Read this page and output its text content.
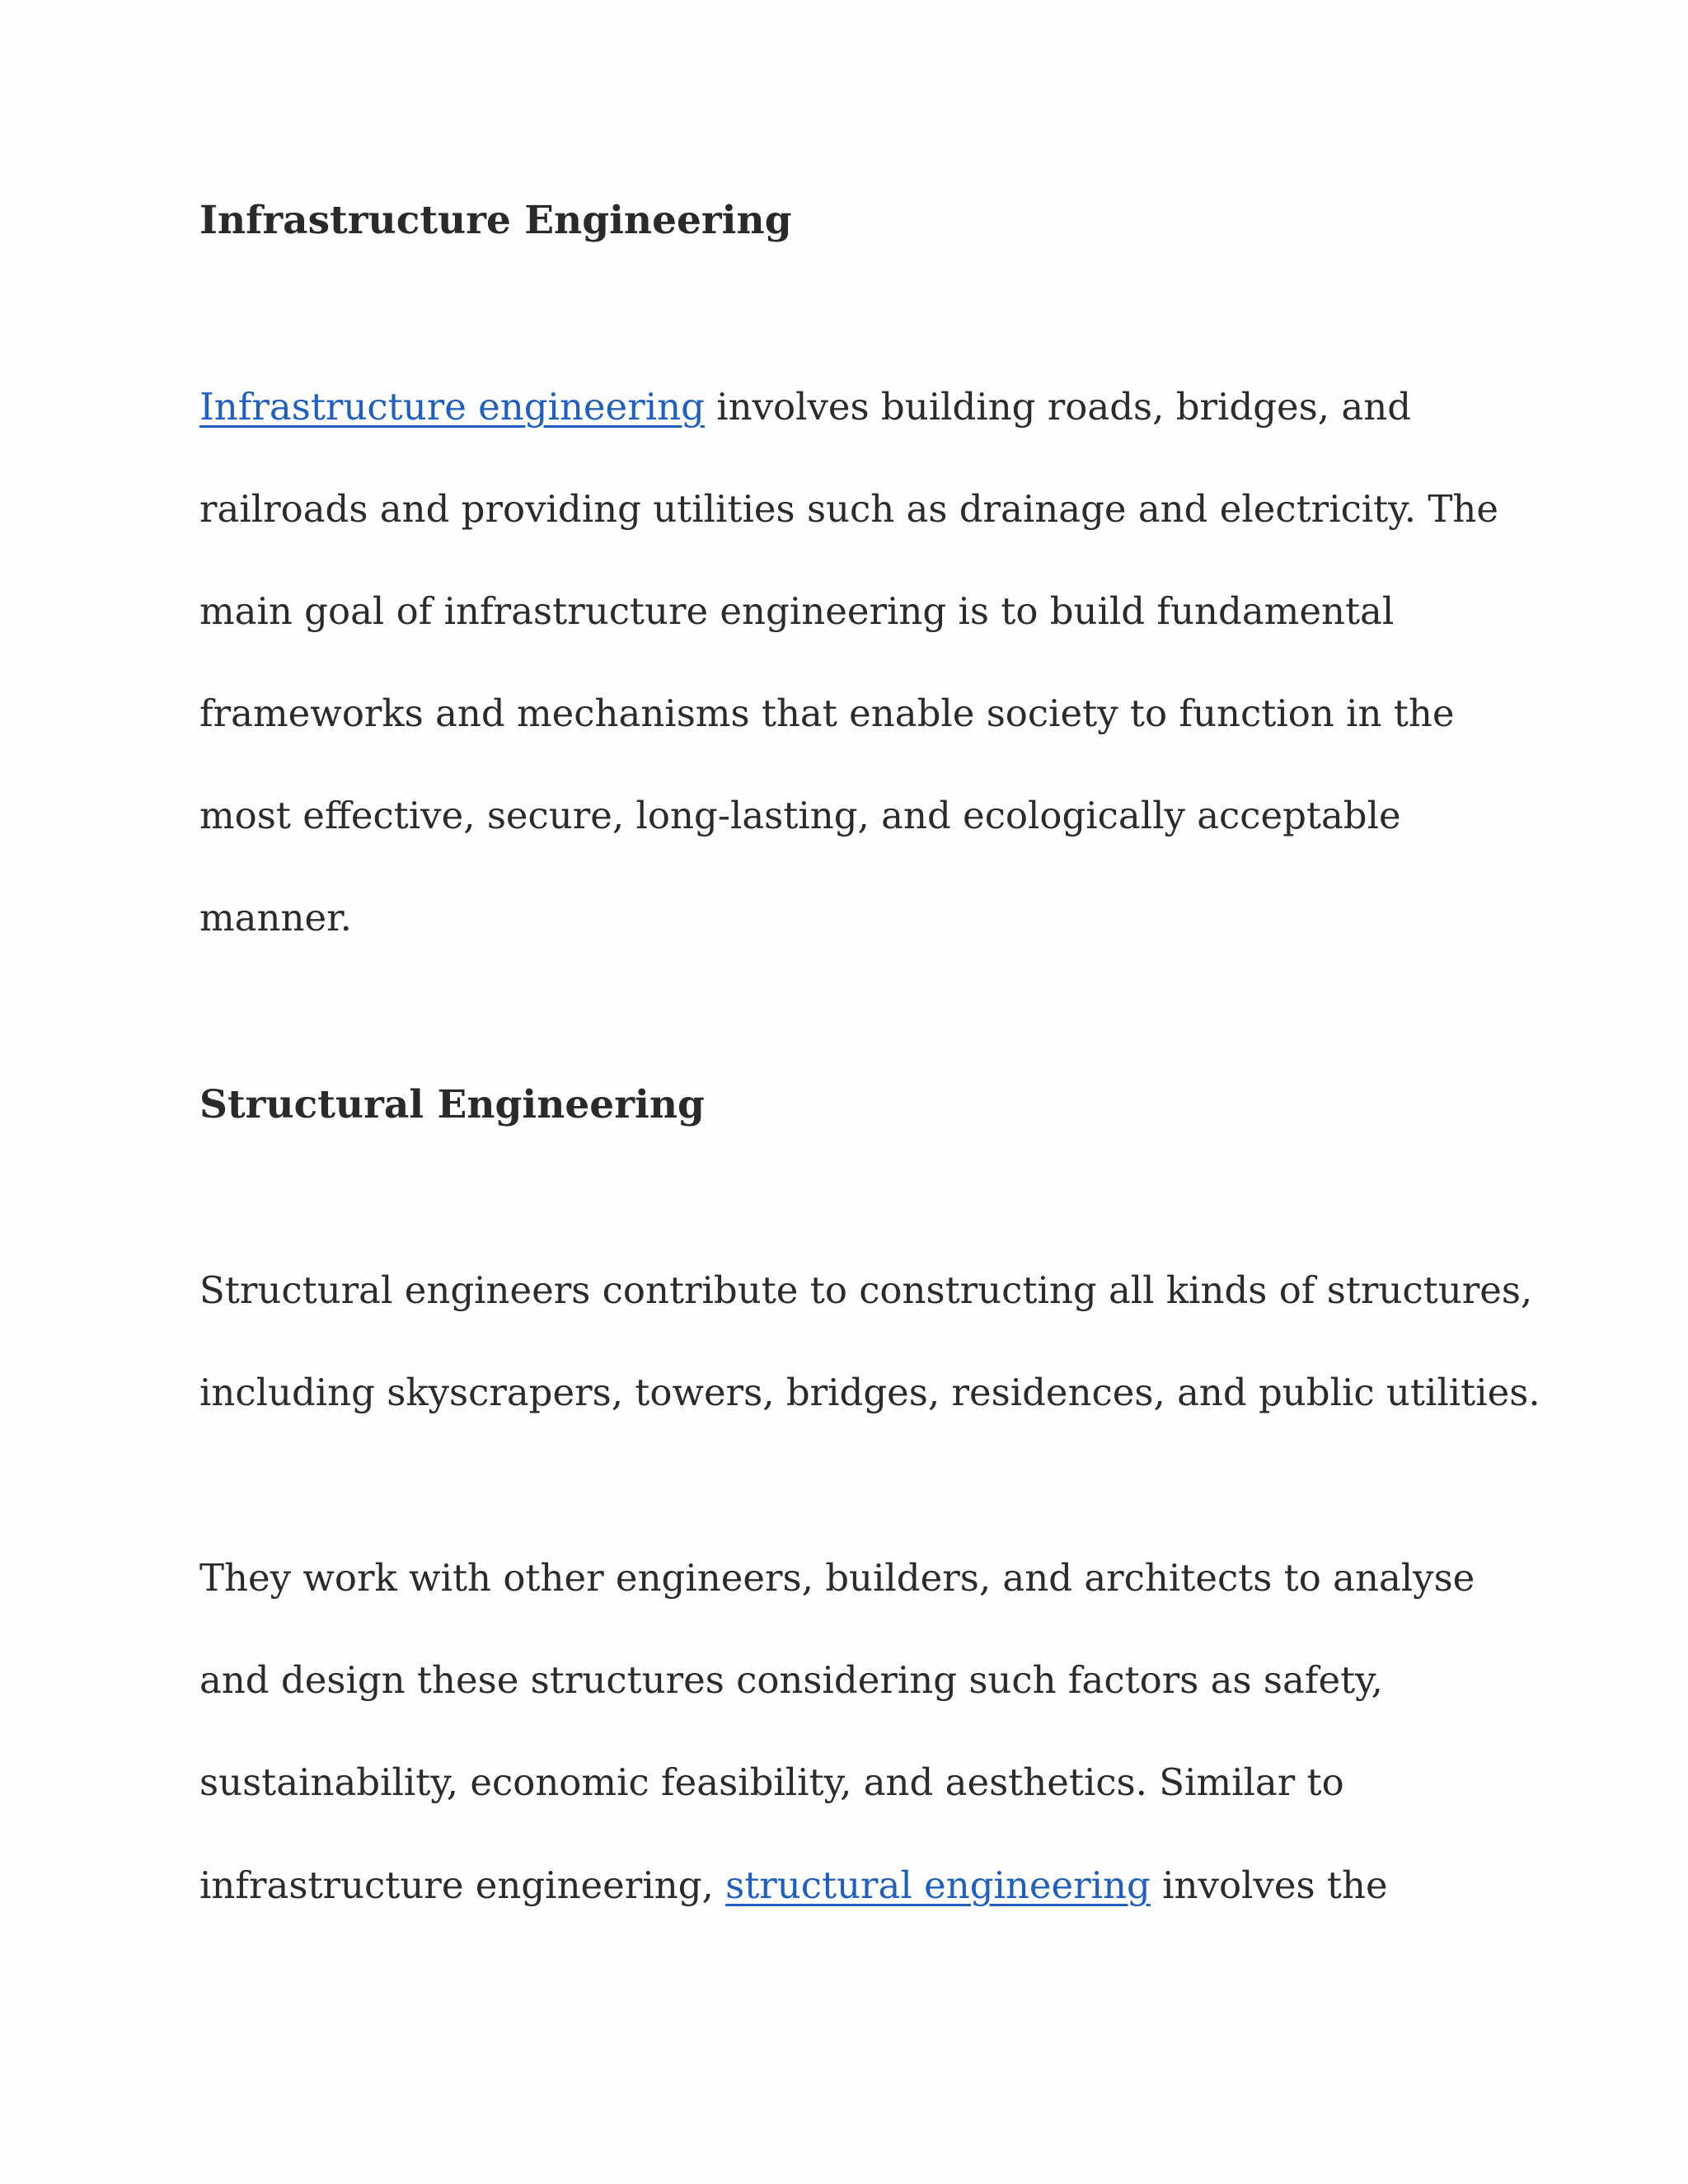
Infrastructure Engineering

Infrastructure engineering involves building roads, bridges, and

railroads and providing utilities such as drainage and electricity. The

main goal of infrastructure engineering is to build fundamental

frameworks and mechanisms that enable society to function in the

most effective, secure, long-lasting, and ecologically acceptable

manner.

Structural Engineering

Structural engineers contribute to constructing all kinds of structures,

including skyscrapers, towers, bridges, residences, and public utilities.

They work with other engineers, builders, and architects to analyse

and design these structures considering such factors as safety,

sustainability, economic feasibility, and aesthetics. Similar to

infrastructure engineering, structural engineering involves the
